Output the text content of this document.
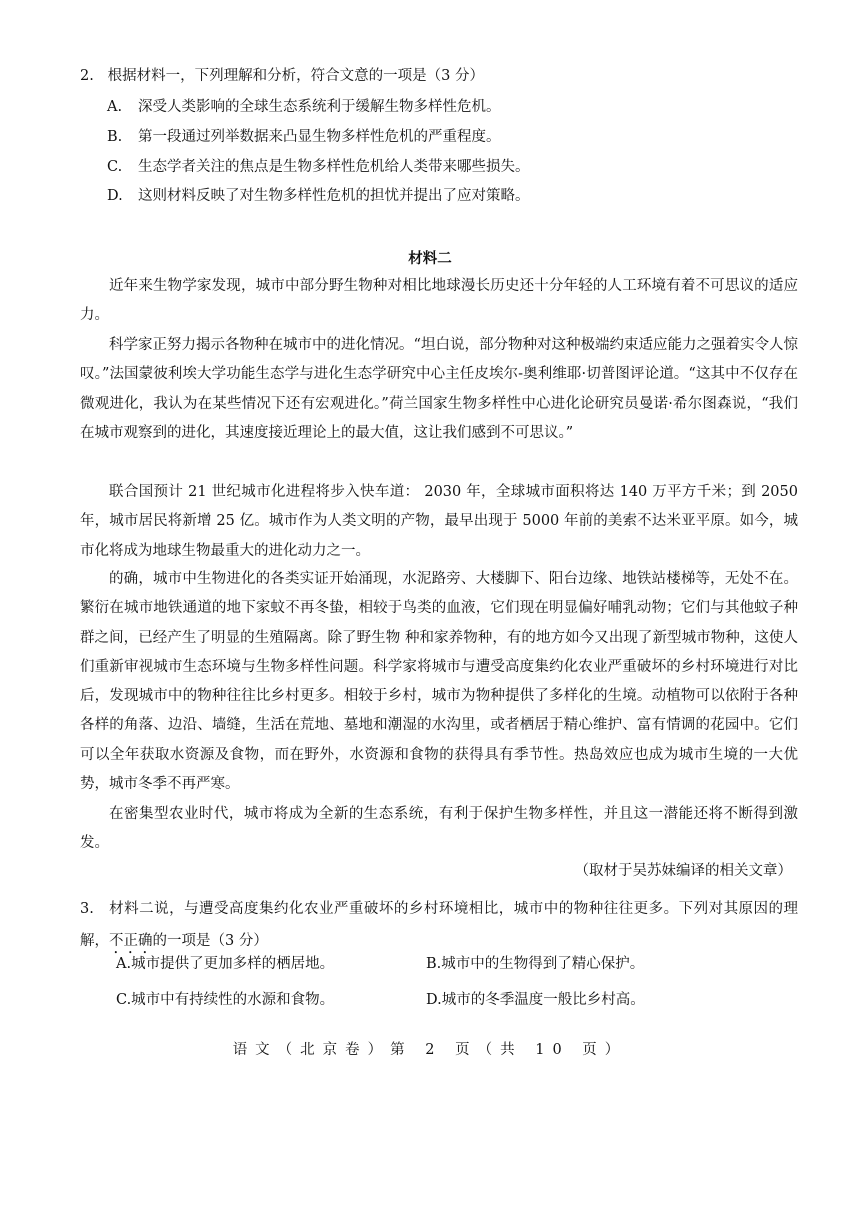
2. 根据材料一，下列理解和分析，符合文意的一项是（3 分）
A. 深受人类影响的全球生态系统利于缓解生物多样性危机。
B. 第一段通过列举数据来凸显生物多样性危机的严重程度。
C. 生态学者关注的焦点是生物多样性危机给人类带来哪些损失。
D. 这则材料反映了对生物多样性危机的担忧并提出了应对策略。
材料二

近年来生物学家发现，城市中部分野生物种对相比地球漫长历史还十分年轻的人工环境有着不可思议的适应力。

科学家正努力揭示各物种在城市中的进化情况。“坦白说，部分物种对这种极端约束适应能力之强着实令人惊叹。”法国蒙彼利埃大学功能生态学与进化生态学研究中心主任皮埃尔-奥利维耶·切普图评论道。“这其中不仅存在微观进化，我认为在某些情况下还有宏观进化。”荷兰国家生物多样性中心进化论研究员曼诺·希尔图森说，“我们在城市观察到的进化，其速度接近理论上的最大值，这让我们感到不可思议。”

联合国预计 21 世纪城市化进程将步入快车道： 2030 年，全球城市面积将达 140 万平方千米；到 2050 年，城市居民将新增 25 亿。城市作为人类文明的产物，最早出现于 5000 年前的美索不达米亚平原。如今，城市化将成为地球生物最重大的进化动力之一。

的确，城市中生物进化的各类实证开始涌现，水泥路旁、大楼脚下、阳台边缘、地铁站楼梯等，无处不在。繁衍在城市地铁通道的地下家蚊不再冬蛰，相较于鸟类的血液，它们现在明显偏好哺乳动物；它们与其他蚊子种群之间，已经产生了明显的生殖隔离。除了野生物 种和家养物种，有的地方如今又出现了新型城市物种，这使人们重新审视城市生态环境与生物多样性问题。科学家将城市与遭受高度集约化农业严重破坏的乡村环境进行对比后，发现城市中的物种往往比乡村更多。相较于乡村，城市为物种提供了多样化的生境。动植物可以依附于各种各样的角落、边沿、墙缝，生活在荒地、墓地和潮湿的水沟里，或者栖居于精心维护、富有情调的花园中。它们可以全年获取水资源及食物，而在野外，水资源和食物的获得具有季节性。热岛效应也成为城市生境的一大优势，城市冬季不再严寒。

在密集型农业时代，城市将成为全新的生态系统，有利于保护生物多样性，并且这一潜能还将不断得到激发。

（取材于吴苏妹编译的相关文章）

3. 材料二说，与遭受高度集约化农业严重破坏的乡村环境相比，城市中的物种往往更多。下列对其原因的理解，不正确的一项是（3 分）

A.城市提供了更加多样的栖居地。	B.城市中的生物得到了精心保护。
C.城市中有持续性的水源和食物。	D.城市的冬季温度一般比乡村高。
语文（北京卷）第 2 页（共 10 页）
